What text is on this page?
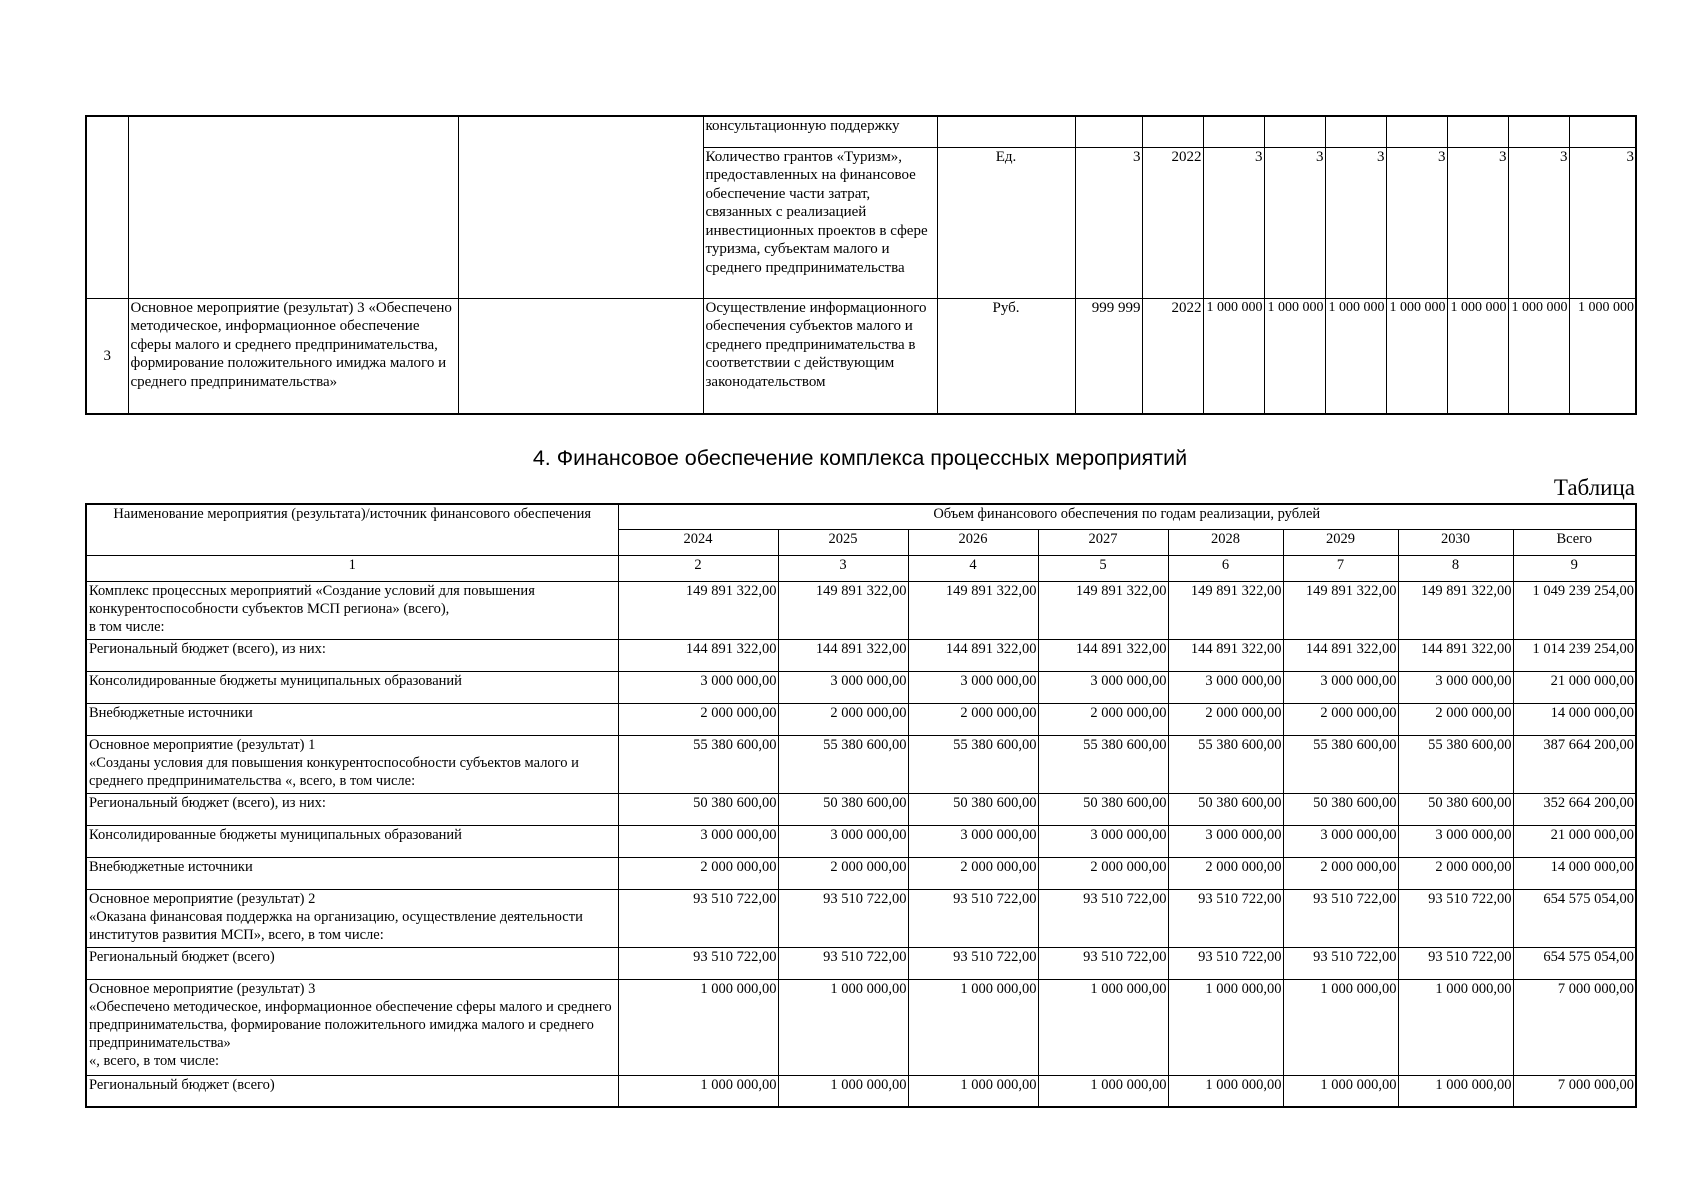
			консультационную поддержку										
			Количество грантов «Туризм», предоставленных на финансовое обеспечение части затрат, связанных с реализацией инвестиционных проектов в сфере туризма, субъектам малого и среднего предпринимательства	Ед.	3	2022	3	3	3	3	3	3	3
3	Основное мероприятие (результат) 3 «Обеспечено методическое, информационное обеспечение сферы малого и среднего предпринимательства, формирование положительного имиджа малого и среднего предпринимательства»		Осуществление информационного обеспечения субъектов малого и среднего предпринимательства в соответствии с действующим законодательством	Руб.	999 999	2022	1 000 000	1 000 000	1 000 000	1 000 000	1 000 000	1 000 000	1 000 000
4. Финансовое обеспечение комплекса процессных мероприятий
Таблица
Наименование мероприятия (результата)/источник финансового обеспечения	Объем финансового обеспечения по годам реализации, рублей							
	2024	2025	2026	2027	2028	2029	2030	Всего
1	2	3	4	5	6	7	8	9
Комплекс процессных мероприятий «Создание условий для повышения конкурентоспособности субъектов МСП региона» (всего),
в том числе:	149 891 322,00	149 891 322,00	149 891 322,00	149 891 322,00	149 891 322,00	149 891 322,00	149 891 322,00	1 049 239 254,00
Региональный бюджет (всего), из них:	144 891 322,00	144 891 322,00	144 891 322,00	144 891 322,00	144 891 322,00	144 891 322,00	144 891 322,00	1 014 239 254,00
Консолидированные бюджеты муниципальных образований	3 000 000,00	3 000 000,00	3 000 000,00	3 000 000,00	3 000 000,00	3 000 000,00	3 000 000,00	21 000 000,00
Внебюджетные источники	2 000 000,00	2 000 000,00	2 000 000,00	2 000 000,00	2 000 000,00	2 000 000,00	2 000 000,00	14 000 000,00
Основное мероприятие (результат) 1
«Созданы условия для повышения конкурентоспособности субъектов малого и среднего предпринимательства «, всего, в том числе:	55 380 600,00	55 380 600,00	55 380 600,00	55 380 600,00	55 380 600,00	55 380 600,00	55 380 600,00	387 664 200,00
Региональный бюджет (всего), из них:	50 380 600,00	50 380 600,00	50 380 600,00	50 380 600,00	50 380 600,00	50 380 600,00	50 380 600,00	352 664 200,00
Консолидированные бюджеты муниципальных образований	3 000 000,00	3 000 000,00	3 000 000,00	3 000 000,00	3 000 000,00	3 000 000,00	3 000 000,00	21 000 000,00
Внебюджетные источники	2 000 000,00	2 000 000,00	2 000 000,00	2 000 000,00	2 000 000,00	2 000 000,00	2 000 000,00	14 000 000,00
Основное мероприятие (результат) 2
«Оказана финансовая поддержка на организацию, осуществление деятельности институтов развития МСП», всего, в том числе:	93 510 722,00	93 510 722,00	93 510 722,00	93 510 722,00	93 510 722,00	93 510 722,00	93 510 722,00	654 575 054,00
Региональный бюджет (всего)	93 510 722,00	93 510 722,00	93 510 722,00	93 510 722,00	93 510 722,00	93 510 722,00	93 510 722,00	654 575 054,00
Основное мероприятие (результат) 3
«Обеспечено методическое, информационное обеспечение сферы малого и среднего предпринимательства, формирование положительного имиджа малого и среднего предпринимательства»
«, всего, в том числе:	1 000 000,00	1 000 000,00	1 000 000,00	1 000 000,00	1 000 000,00	1 000 000,00	1 000 000,00	7 000 000,00
Региональный бюджет (всего)	1 000 000,00	1 000 000,00	1 000 000,00	1 000 000,00	1 000 000,00	1 000 000,00	1 000 000,00	7 000 000,00
